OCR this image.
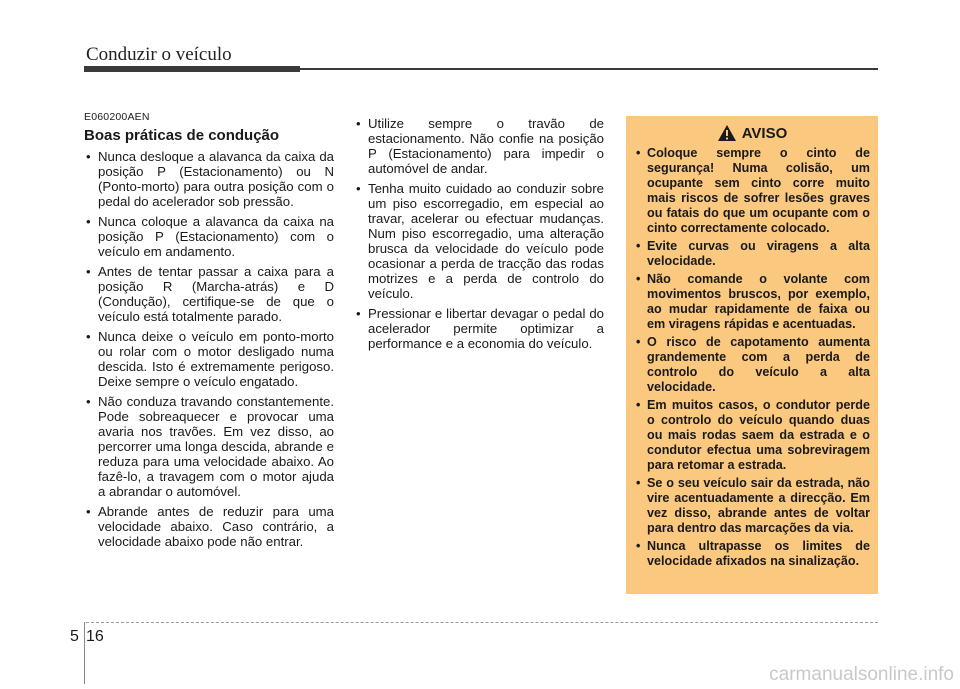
Conduzir o veículo
E060200AEN
Boas práticas de condução
• Nunca desloque a alavanca da caixa da posição P (Estacionamento) ou N (Ponto-morto) para outra posição com o pedal do acelerador sob pressão.
• Nunca coloque a alavanca da caixa na posição P (Estacionamento) com o veículo em andamento.
• Antes de tentar passar a caixa para a posição R (Marcha-atrás) e D (Condução), certifique-se de que o veículo está totalmente parado.
• Nunca deixe o veículo em ponto-morto ou rolar com o motor desligado numa descida. Isto é extremamente perigoso. Deixe sempre o veículo engatado.
• Não conduza travando constantemente. Pode sobreaquecer e provocar uma avaria nos travões. Em vez disso, ao percorrer uma longa descida, abrande e reduza para uma velocidade abaixo. Ao fazê-lo, a travagem com o motor ajuda a abrandar o automóvel.
• Abrande antes de reduzir para uma velocidade abaixo. Caso contrário, a velocidade abaixo pode não entrar.
• Utilize sempre o travão de estacionamento. Não confie na posição P (Estacionamento) para impedir o automóvel de andar.
• Tenha muito cuidado ao conduzir sobre um piso escorregadio, em especial ao travar, acelerar ou efectuar mudanças. Num piso escorregadio, uma alteração brusca da velocidade do veículo pode ocasionar a perda de tracção das rodas motrizes e a perda de controlo do veículo.
• Pressionar e libertar devagar o pedal do acelerador permite optimizar a performance e a economia do veículo.
AVISO
• Coloque sempre o cinto de segurança! Numa colisão, um ocupante sem cinto corre muito mais riscos de sofrer lesões graves ou fatais do que um ocupante com o cinto correctamente colocado.
• Evite curvas ou viragens a alta velocidade.
• Não comande o volante com movimentos bruscos, por exemplo, ao mudar rapidamente de faixa ou em viragens rápidas e acentuadas.
• O risco de capotamento aumenta grandemente com a perda de controlo do veículo a alta velocidade.
• Em muitos casos, o condutor perde o controlo do veículo quando duas ou mais rodas saem da estrada e o condutor efectua uma sobreviragem para retomar a estrada.
• Se o seu veículo sair da estrada, não vire acentuadamente a direcção. Em vez disso, abrande antes de voltar para dentro das marcações da via.
• Nunca ultrapasse os limites de velocidade afixados na sinalização.
5 16
carmanualsonline.info
